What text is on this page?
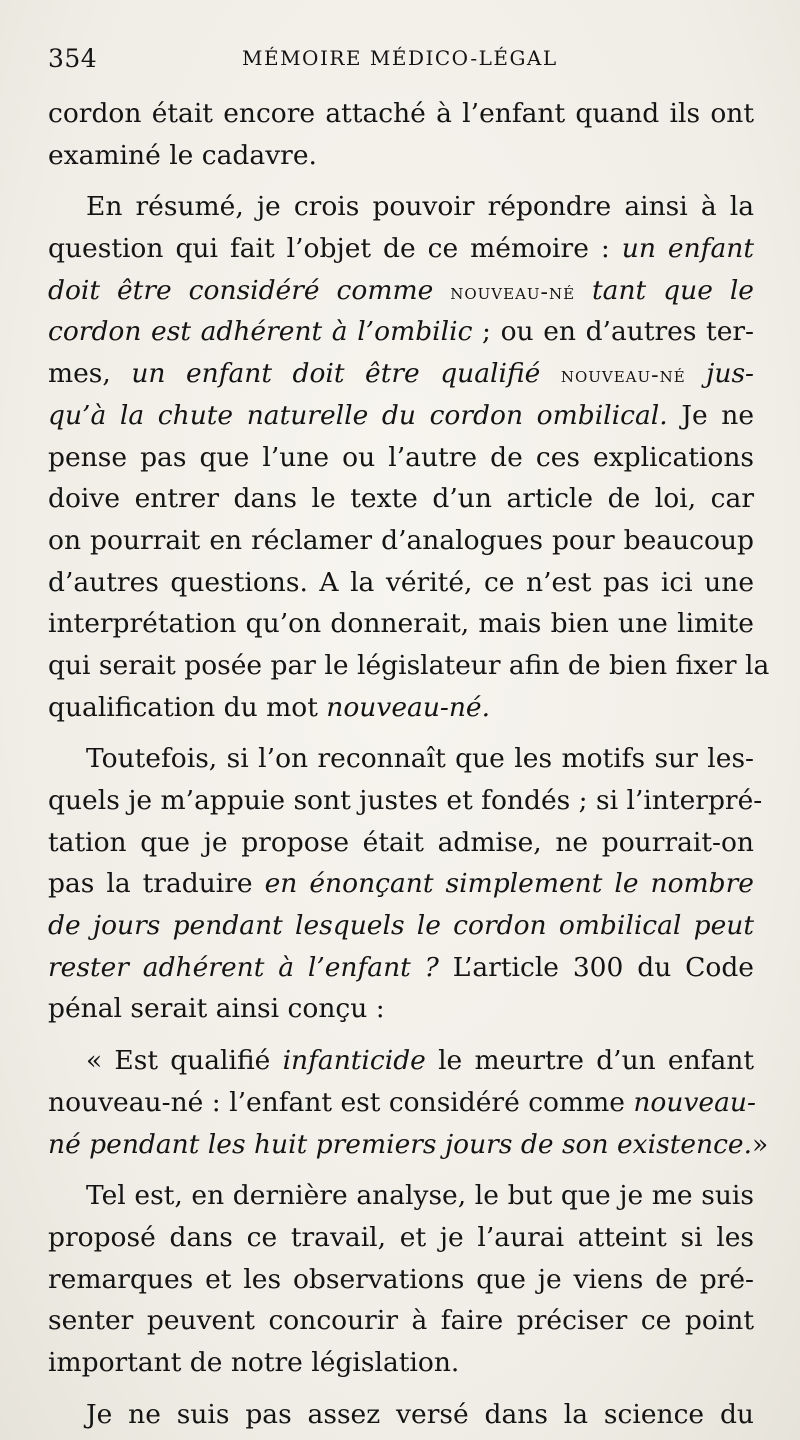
354	MÉMOIRE MÉDICO-LÉGAL
cordon était encore attaché à l’enfant quand ils ont
examiné le cadavre.
En résumé, je crois pouvoir répondre ainsi à la
question qui fait l’objet de ce mémoire : un enfant
doit être considéré comme nouveau-né tant que le
cordon est adhérent à l’ombilic ; ou en d’autres ter-
mes, un enfant doit être qualifié nouveau-né jus-
qu’à la chute naturelle du cordon ombilical. Je ne
pense pas que l’une ou l’autre de ces explications
doive entrer dans le texte d’un article de loi, car
on pourrait en réclamer d’analogues pour beaucoup
d’autres questions. A la vérité, ce n’est pas ici une
interprétation qu’on donnerait, mais bien une limite
qui serait posée par le législateur afin de bien fixer la
qualification du mot nouveau-né.
Toutefois, si l’on reconnaît que les motifs sur les-
quels je m’appuie sont justes et fondés ; si l’interpré-
tation que je propose était admise, ne pourrait-on
pas la traduire en énonçant simplement le nombre
de jours pendant lesquels le cordon ombilical peut
rester adhérent à l’enfant ? L’article 300 du Code
pénal serait ainsi conçu :
« Est qualifié infanticide le meurtre d’un enfant
nouveau-né : l’enfant est considéré comme nouveau-
né pendant les huit premiers jours de son existence.»
Tel est, en dernière analyse, le but que je me suis
proposé dans ce travail, et je l’aurai atteint si les
remarques et les observations que je viens de pré-
senter peuvent concourir à faire préciser ce point
important de notre législation.
Je ne suis pas assez versé dans la science du
